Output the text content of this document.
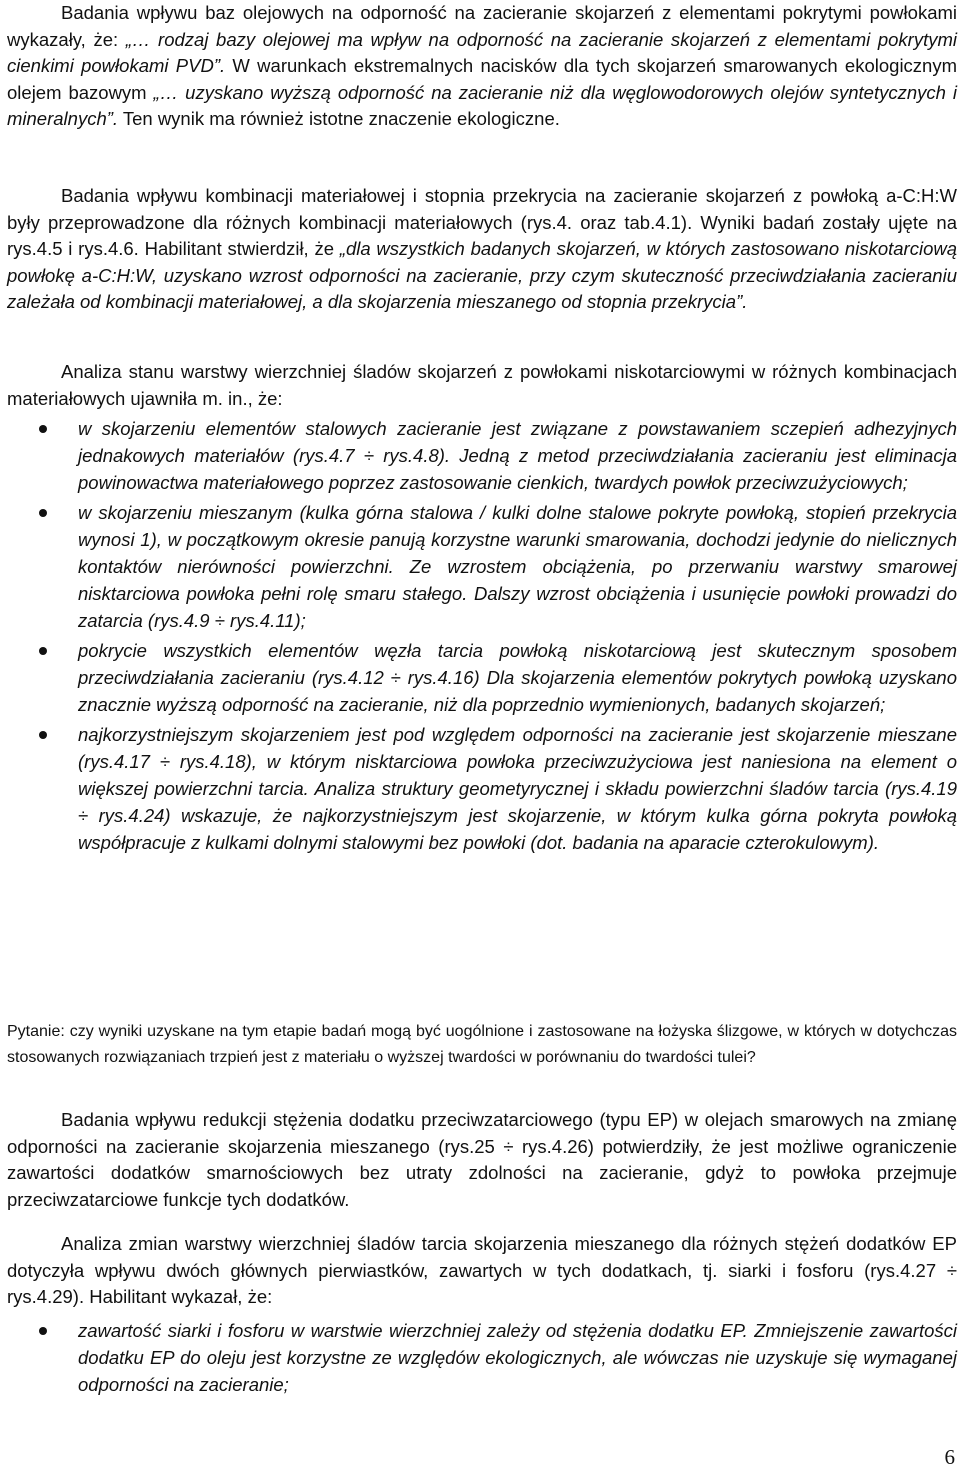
Badania wpływu baz olejowych na odporność na zacieranie skojarzeń z elementami pokrytymi powłokami wykazały, że: „… rodzaj bazy olejowej ma wpływ na odporność na zacieranie skojarzeń z elementami pokrytymi cienkimi powłokami PVD”. W warunkach ekstremalnych nacisków dla tych skojarzeń smarowanych ekologicznym olejem bazowym „… uzyskano wyższą odporność na zacieranie niż dla węglowodorowych olejów syntetycznych i mineralnych”. Ten wynik ma również istotne znaczenie ekologiczne.

Badania wpływu kombinacji materiałowej i stopnia przekrycia na zacieranie skojarzeń z powłoką a-C:H:W były przeprowadzone dla różnych kombinacji materiałowych (rys.4. oraz tab.4.1). Wyniki badań zostały ujęte na rys.4.5 i rys.4.6. Habilitant stwierdził, że „dla wszystkich badanych skojarzeń, w których zastosowano niskotarciową powłokę a-C:H:W, uzyskano wzrost odporności na zacieranie, przy czym skuteczność przeciwdziałania zacieraniu zależała od kombinacji materiałowej, a dla skojarzenia mieszanego od stopnia przekrycia”.

Analiza stanu warstwy wierzchniej śladów skojarzeń z powłokami niskotarciowymi w różnych kombinacjach materiałowych ujawniła m. in., że:

w skojarzeniu elementów stalowych zacieranie jest związane z powstawaniem sczepień adhezyjnych jednakowych materiałów (rys.4.7 ÷ rys.4.8). Jedną z metod przeciwdziałania zacieraniu jest eliminacja powinowactwa materiałowego poprzez zastosowanie cienkich, twardych powłok przeciwzużyciowych;
w skojarzeniu mieszanym (kulka górna stalowa / kulki dolne stalowe pokryte powłoką, stopień przekrycia wynosi 1), w początkowym okresie panują korzystne warunki smarowania, dochodzi jedynie do nielicznych kontaktów nierówności powierzchni. Ze wzrostem obciążenia, po przerwaniu warstwy smarowej nisktarciowa powłoka pełni rolę smaru stałego. Dalszy wzrost obciążenia i usunięcie powłoki prowadzi do zatarcia (rys.4.9 ÷ rys.4.11);
pokrycie wszystkich elementów węzła tarcia powłoką niskotarciową jest skutecznym sposobem przeciwdziałania zacieraniu (rys.4.12 ÷ rys.4.16) Dla skojarzenia elementów pokrytych powłoką uzyskano znacznie wyższą odporność na zacieranie, niż dla poprzednio wymienionych, badanych skojarzeń;
najkorzystniejszym skojarzeniem jest pod względem odporności na zacieranie jest skojarzenie mieszane (rys.4.17 ÷ rys.4.18), w którym nisktarciowa powłoka przeciwzużyciowa jest naniesiona na element o większej powierzchni tarcia. Analiza struktury geometyrycznej i składu powierzchni śladów tarcia (rys.4.19 ÷ rys.4.24) wskazuje, że najkorzystniejszym jest skojarzenie, w którym kulka górna pokryta powłoką współpracuje z kulkami dolnymi stalowymi bez powłoki (dot. badania na aparacie czterokulowym).

Pytanie: czy wyniki uzyskane na tym etapie badań mogą być uogólnione i zastosowane na łożyska ślizgowe, w których w dotychczas stosowanych rozwiązaniach trzpień jest z materiału o wyższej twardości w porównaniu do twardości tulei?

Badania wpływu redukcji stężenia dodatku przeciwzatarciowego (typu EP) w olejach smarowych na zmianę odporności na zacieranie skojarzenia mieszanego (rys.25 ÷ rys.4.26) potwierdziły, że jest możliwe ograniczenie zawartości dodatków smarnościowych bez utraty zdolności na zacieranie, gdyż to powłoka przejmuje przeciwzatarciowe funkcje tych dodatków.

Analiza zmian warstwy wierzchniej śladów tarcia skojarzenia mieszanego dla różnych stężeń dodatków EP dotyczyła wpływu dwóch głównych pierwiastków, zawartych w tych dodatkach, tj. siarki i fosforu (rys.4.27 ÷ rys.4.29). Habilitant wykazał, że:

zawartość siarki i fosforu w warstwie wierzchniej zależy od stężenia dodatku EP. Zmniejszenie zawartości dodatku EP do oleju jest korzystne ze względów ekologicznych, ale wówczas nie uzyskuje się wymaganej odporności na zacieranie;
6
